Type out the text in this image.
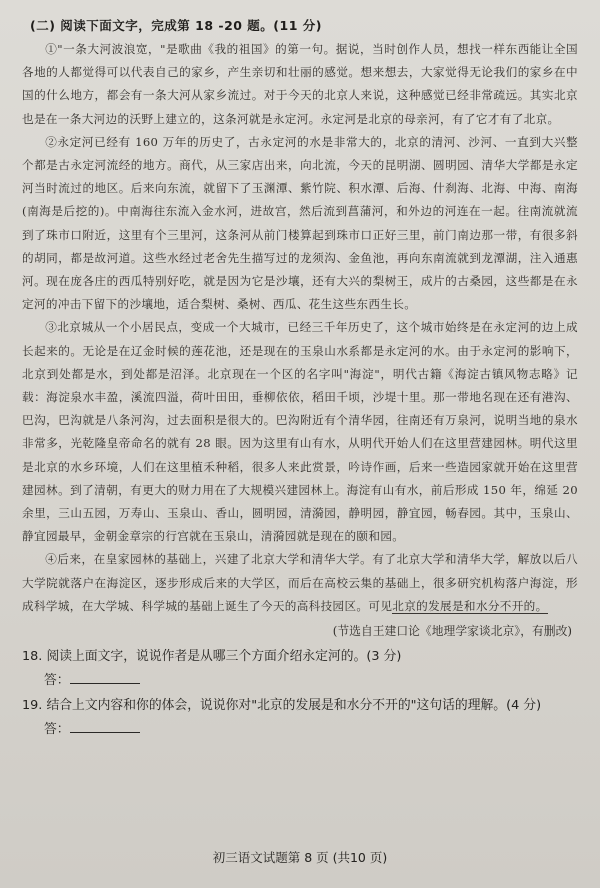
(二) 阅读下面文字，完成第 18 -20 题。(11 分)

①"一条大河波浪宽，"是歌曲《我的祖国》的第一句。据说，当时创作人员，想找一样东西能让全国各地的人都觉得可以代表自己的家乡，产生亲切和壮丽的感觉。想来想去，大家觉得无论我们的家乡在中国的什么地方，都会有一条大河从家乡流过。对于今天的北京人来说，这种感觉已经非常疏远。其实北京也是在一条大河边的沃野上建立的，这条河就是永定河。永定河是北京的母亲河，有了它才有了北京。

②永定河已经有 160 万年的历史了，古永定河的水是非常大的，北京的清河、沙河、一直到大兴整个都是古永定河流经的地方。商代，从三家店出来，向北流，今天的昆明湖、圆明园、清华大学都是永定河当时流过的地区。后来向东流，就留下了玉渊潭、紫竹院、积水潭、后海、什刹海、北海、中海、南海(南海是后挖的)。中南海往东流入金水河，进故宫，然后流到菖蒲河，和外边的河连在一起。往南流就流到了珠市口附近，这里有个三里河，这条河从前门楼算起到珠市口正好三里，前门南边那一带，有很多斜的胡同，都是故河道。这些水经过老舍先生描写过的龙须沟、金鱼池，再向东南流就到龙潭湖，注入通惠河。现在庞各庄的西瓜特别好吃，就是因为它是沙壤，还有大兴的梨树王，成片的古桑园，这些都是在永定河的冲击下留下的沙壤地，适合梨树、桑树、西瓜、花生这些东西生长。

③北京城从一个小居民点，变成一个大城市，已经三千年历史了，这个城市始终是在永定河的边上成长起来的。无论是在辽金时候的莲花池，还是现在的玉泉山水系都是永定河的水。由于永定河的影响下，北京到处都是水，到处都是沼泽。北京现在一个区的名字叫"海淀"，明代古籍《海淀古镇风物志略》记载：海淀泉水丰盈，溪流四溢，荷叶田田，垂柳依依，稻田千顷，沙堤十里。那一带地名现在还有港沟、巴沟，巴沟就是八条河沟，过去面积是很大的。巴沟附近有个清华园，往南还有万泉河，说明当地的泉水非常多，光乾隆皇帝命名的就有 28 眼。因为这里有山有水，从明代开始人们在这里营建园林。明代这里是北京的水乡环境，人们在这里植禾种稻，很多人来此赏景，吟诗作画，后来一些造园家就开始在这里营建园林。到了清朝，有更大的财力用在了大规模兴建园林上。海淀有山有水，前后形成 150 年，绵延 20 余里，三山五园，万寿山、玉泉山、香山，圆明园，清漪园，静明园，静宜园，畅春园。其中，玉泉山、静宜园最早，金朝金章宗的行宫就在玉泉山，清漪园就是现在的颐和园。

④后来，在皇家园林的基础上，兴建了北京大学和清华大学。有了北京大学和清华大学，解放以后八大学院就落户在海淀区，逐步形成后来的大学区，而后在高校云集的基础上，很多研究机构落户海淀，形成科学城，在大学城、科学城的基础上诞生了今天的高科技园区。可见北京的发展是和水分不开的。

(节选自王建口论《地理学家谈北京》，有删改)

18. 阅读上面文字，说说作者是从哪三个方面介绍永定河的。(3 分)

答：

19. 结合上文内容和你的体会，说说你对"北京的发展是和水分不开的"这句话的理解。(4 分)

答：

初三语文试题第 8 页 (共10 页)
